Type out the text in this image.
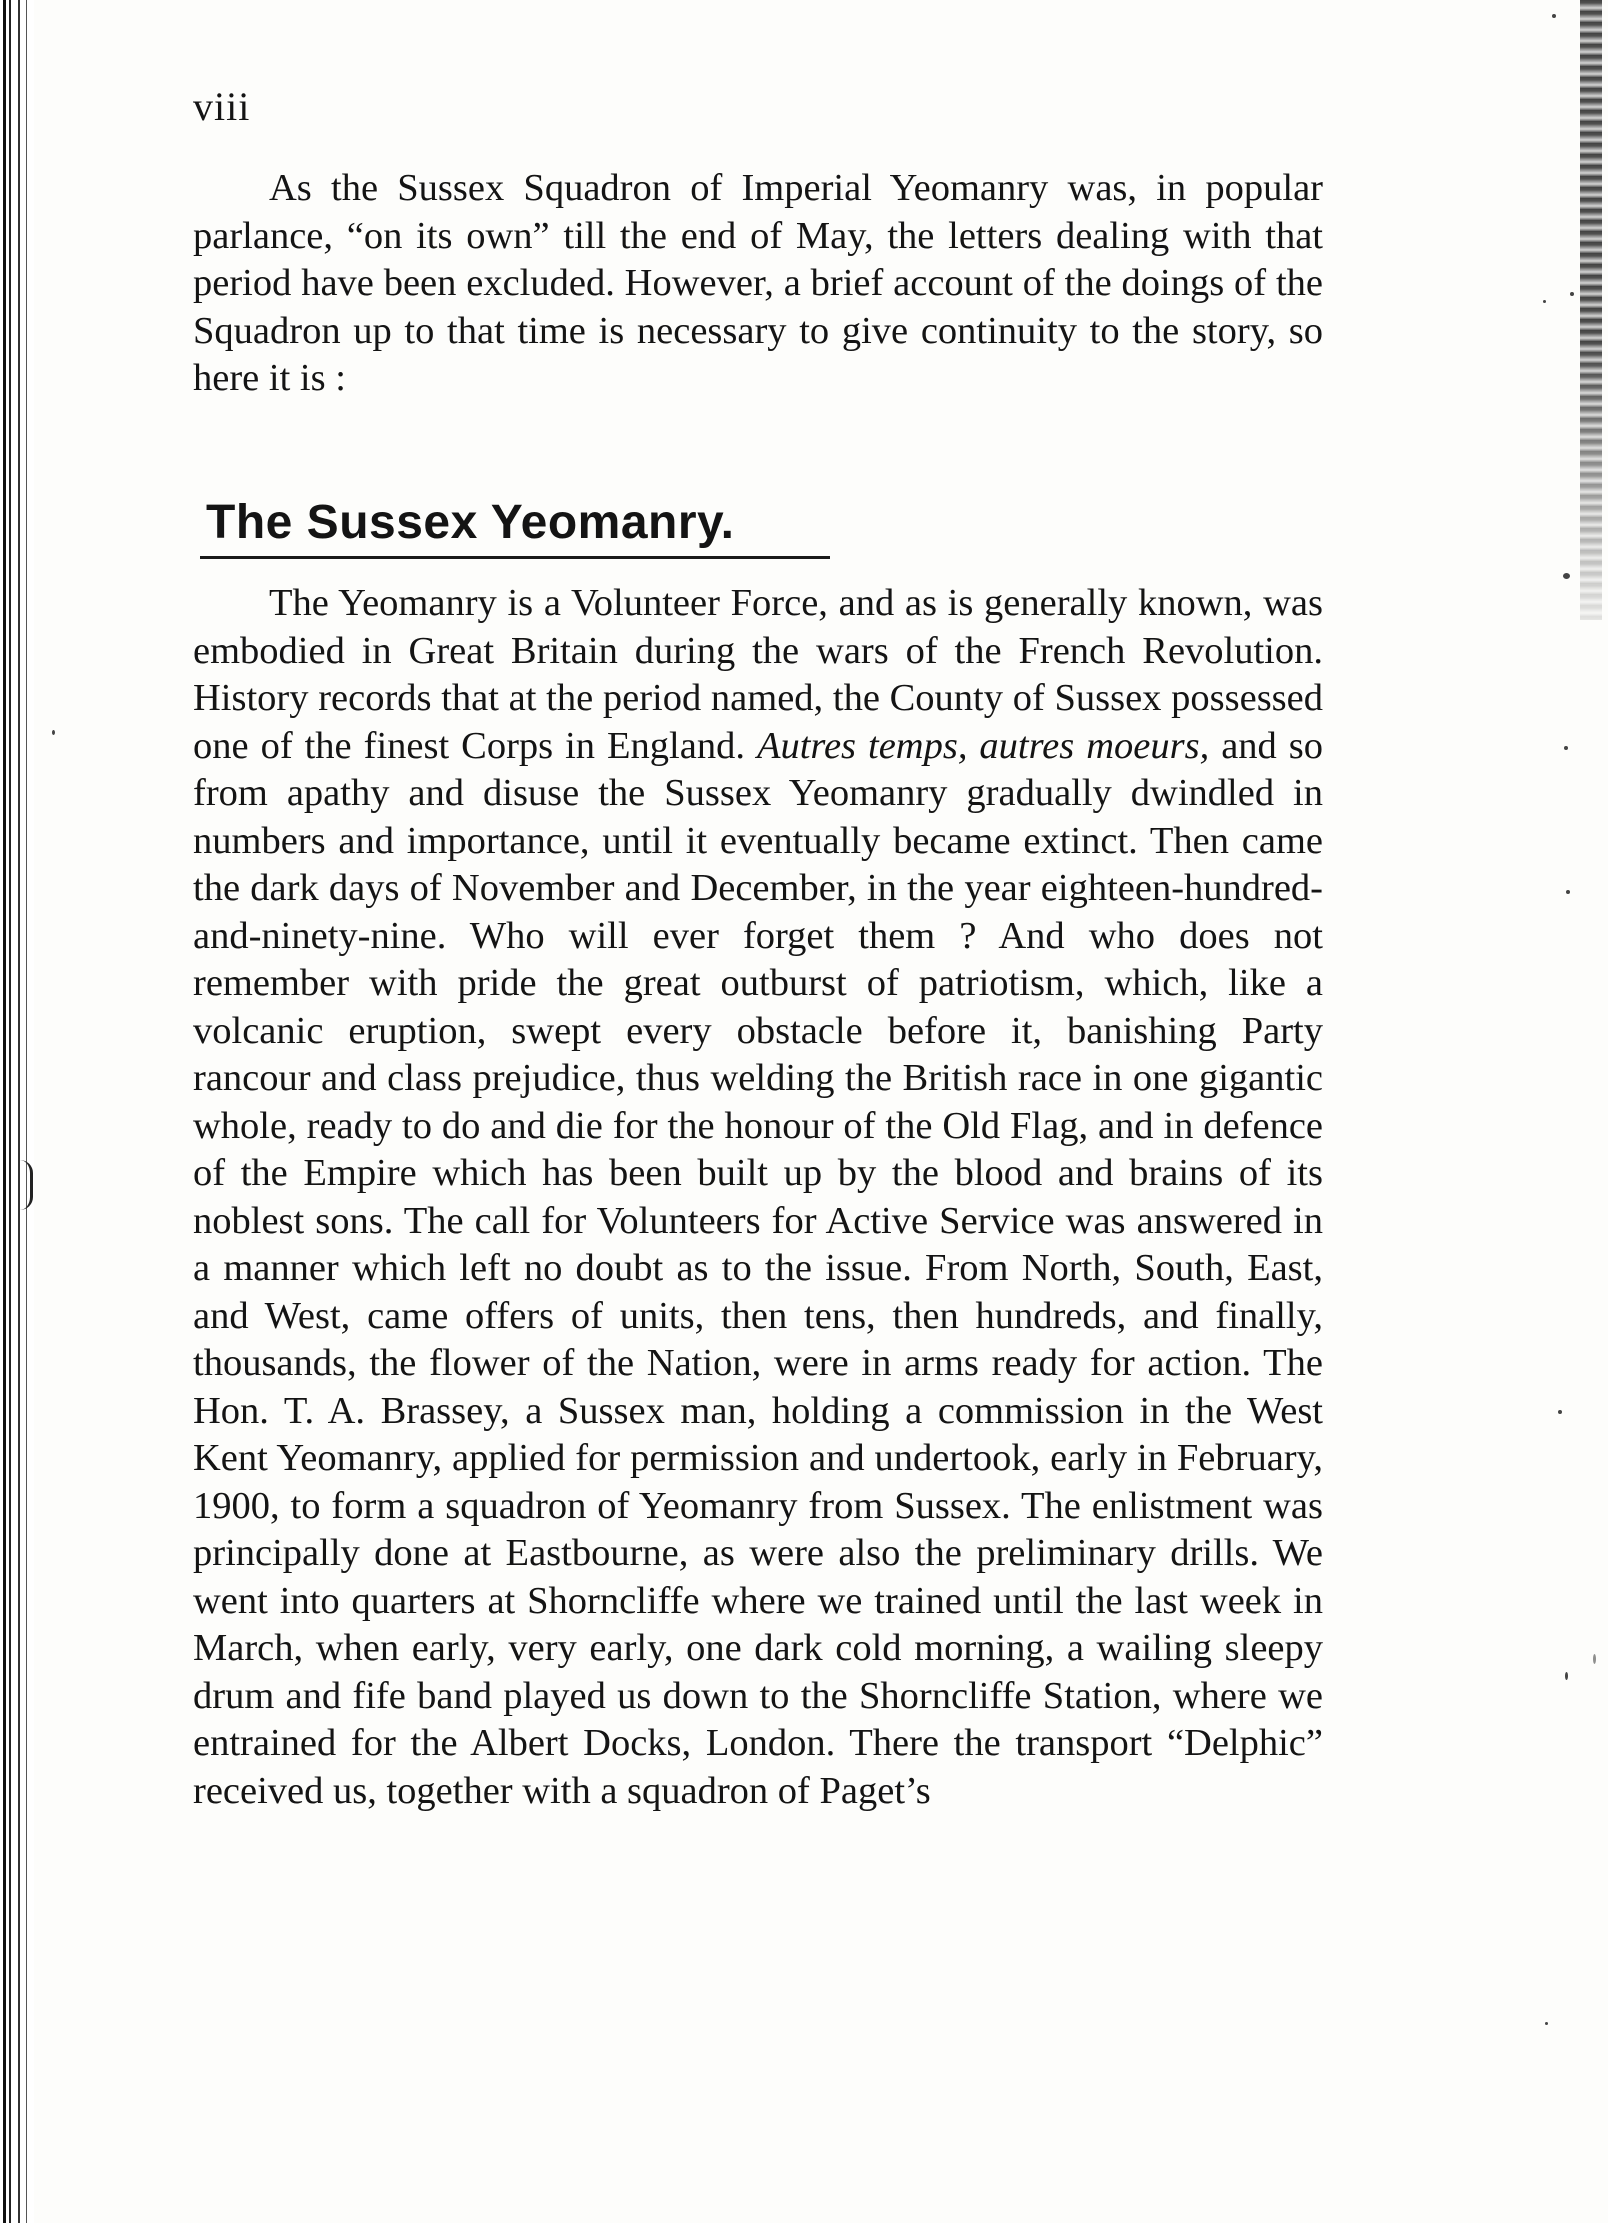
viii

As the Sussex Squadron of Imperial Yeomanry was, in popular parlance, “on its own” till the end of May, the letters dealing with that period have been excluded. However, a brief account of the doings of the Squadron up to that time is necessary to give continuity to the story, so here it is :

The Sussex Yeomanry.

The Yeomanry is a Volunteer Force, and as is generally known, was embodied in Great Britain during the wars of the French Revolution. History records that at the period named, the County of Sussex possessed one of the finest Corps in England. Autres temps, autres moeurs, and so from apathy and disuse the Sussex Yeomanry gradually dwindled in numbers and importance, until it eventually became extinct. Then came the dark days of November and December, in the year eighteen-hundred-and-ninety-nine. Who will ever forget them ? And who does not remember with pride the great outburst of patriotism, which, like a volcanic eruption, swept every obstacle before it, banishing Party rancour and class prejudice, thus welding the British race in one gigantic whole, ready to do and die for the honour of the Old Flag, and in defence of the Empire which has been built up by the blood and brains of its noblest sons. The call for Volunteers for Active Service was answered in a manner which left no doubt as to the issue. From North, South, East, and West, came offers of units, then tens, then hundreds, and finally, thousands, the flower of the Nation, were in arms ready for action. The Hon. T. A. Brassey, a Sussex man, holding a commission in the West Kent Yeomanry, applied for permission and undertook, early in February, 1900, to form a squadron of Yeomanry from Sussex. The enlistment was principally done at Eastbourne, as were also the preliminary drills. We went into quarters at Shorncliffe where we trained until the last week in March, when early, very early, one dark cold morning, a wailing sleepy drum and fife band played us down to the Shorncliffe Station, where we entrained for the Albert Docks, London. There the transport “Delphic” received us, together with a squadron of Paget’s
